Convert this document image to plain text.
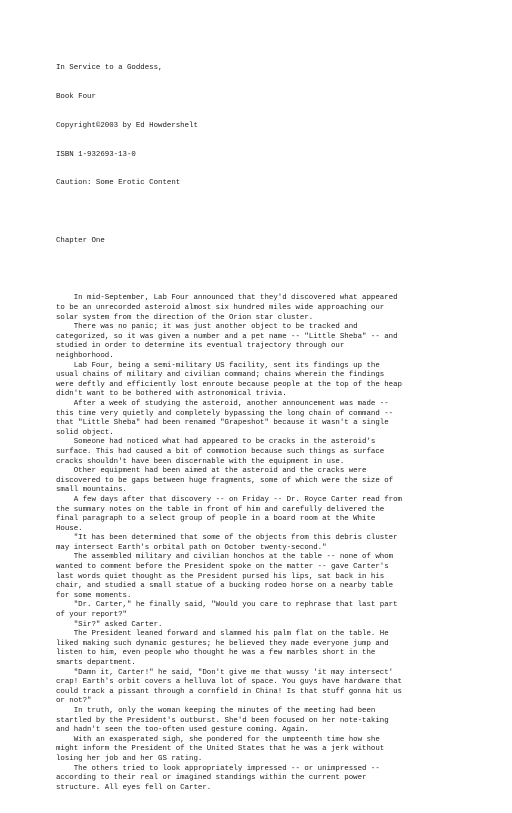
In Service to a Goddess,

Book Four

Copyright©2003 by Ed Howdershelt

ISBN 1-932693-13-0

Caution: Some Erotic Content

Chapter One

In mid-September, Lab Four announced that they'd discovered what appeared
to be an unrecorded asteroid almost six hundred miles wide approaching our
solar system from the direction of the Orion star cluster.
There was no panic; it was just another object to be tracked and
categorized, so it was given a number and a pet name -- "Little Sheba" -- and
studied in order to determine its eventual trajectory through our
neighborhood.
Lab Four, being a semi-military US facility, sent its findings up the
usual chains of military and civilian command; chains wherein the findings
were deftly and efficiently lost enroute because people at the top of the heap
didn't want to be bothered with astronomical trivia.
After a week of studying the asteroid, another announcement was made --
this time very quietly and completely bypassing the long chain of command --
that "Little Sheba" had been renamed "Grapeshot" because it wasn't a single
solid object.
Someone had noticed what had appeared to be cracks in the asteroid's
surface. This had caused a bit of commotion because such things as surface
cracks shouldn't have been discernable with the equipment in use.
Other equipment had been aimed at the asteroid and the cracks were
discovered to be gaps between huge fragments, some of which were the size of
small mountains.
A few days after that discovery -- on Friday -- Dr. Royce Carter read from
the summary notes on the table in front of him and carefully delivered the
final paragraph to a select group of people in a board room at the White
House.
"It has been determined that some of the objects from this debris cluster
may intersect Earth's orbital path on October twenty-second."
The assembled military and civilian honchos at the table -- none of whom
wanted to comment before the President spoke on the matter -- gave Carter's
last words quiet thought as the President pursed his lips, sat back in his
chair, and studied a small statue of a bucking rodeo horse on a nearby table
for some moments.
"Dr. Carter," he finally said, "Would you care to rephrase that last part
of your report?"
"Sir?" asked Carter.
The President leaned forward and slammed his palm flat on the table. He
liked making such dynamic gestures; he believed they made everyone jump and
listen to him, even people who thought he was a few marbles short in the
smarts department.
"Damn it, Carter!" he said, "Don't give me that wussy 'it may intersect'
crap! Earth's orbit covers a helluva lot of space. You guys have hardware that
could track a pissant through a cornfield in China! Is that stuff gonna hit us
or not?"
In truth, only the woman keeping the minutes of the meeting had been
startled by the President's outburst. She'd been focused on her note-taking
and hadn't seen the too-often used gesture coming. Again.
With an exasperated sigh, she pondered for the umpteenth time how she
might inform the President of the United States that he was a jerk without
losing her job and her GS rating.
The others tried to look appropriately impressed -- or unimpressed --
according to their real or imagined standings within the current power
structure. All eyes fell on Carter.
